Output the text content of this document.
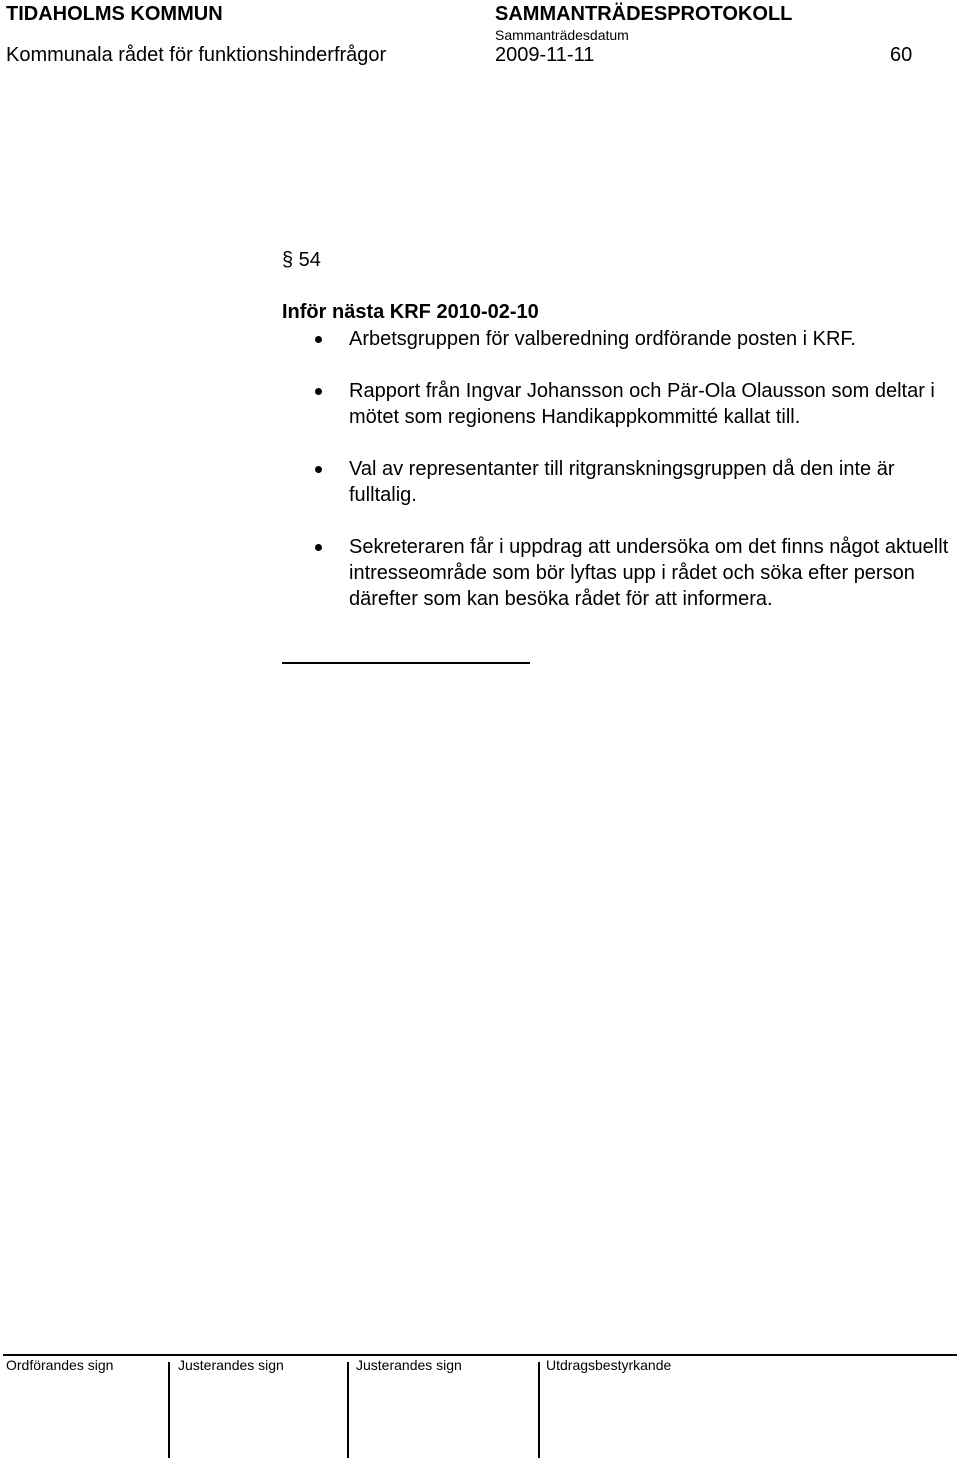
TIDAHOLMS KOMMUN	SAMMANTRÄDESPROTOKOLL
Sammanträdesdatum
Kommunala rådet för funktionshinderfrågor	2009-11-11	60
§ 54
Inför nästa KRF 2010-02-10
Arbetsgruppen för valberedning ordförande posten i KRF.
Rapport från Ingvar Johansson och Pär-Ola Olausson som deltar i mötet som regionens Handikappkommitté kallat till.
Val av representanter till ritgranskningsgruppen då den inte är fulltalig.
Sekreteraren får i uppdrag att undersöka om det finns något aktuellt intresseområde som bör lyftas upp i rådet och söka efter person därefter som kan besöka rådet för att informera.
Ordförandes sign	Justerandes sign	Justerandes sign	Utdragsbestyrkande
